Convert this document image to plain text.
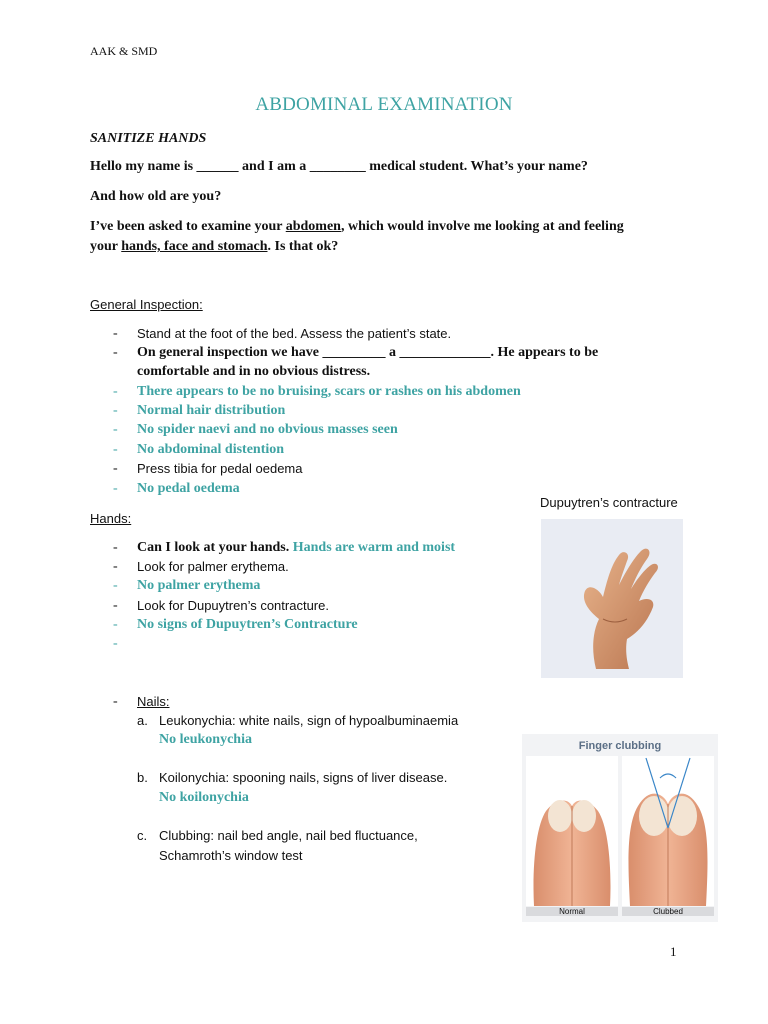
AAK & SMD
ABDOMINAL EXAMINATION
SANITIZE HANDS
Hello my name is ______ and I am a ________ medical student. What’s your name?
And how old are you?
I’ve been asked to examine your abdomen, which would involve me looking at and feeling
your hands, face and stomach. Is that ok?
General Inspection:
- Stand at the foot of the bed. Assess the patient’s state.
- On general inspection we have _________ a _____________. He appears to be
comfortable and in no obvious distress.
- There appears to be no bruising, scars or rashes on his abdomen
- Normal hair distribution
- No spider naevi and no obvious masses seen
- No abdominal distention
- Press tibia for pedal oedema
- No pedal oedema
Hands:
- Can I look at your hands. Hands are warm and moist
- Look for palmer erythema.
- No palmer erythema
- Look for Dupuytren’s contracture.
- No signs of Dupuytren’s Contracture
-
- Nails:
a. Leukonychia: white nails, sign of hypoalbuminaemia
No leukonychia
b. Koilonychia: spooning nails, signs of liver disease.
No koilonychia
c. Clubbing: nail bed angle, nail bed fluctuance,
Schamroth’s window test
Dupuytren’s contracture
Finger clubbing
Normal	Clubbed
1
